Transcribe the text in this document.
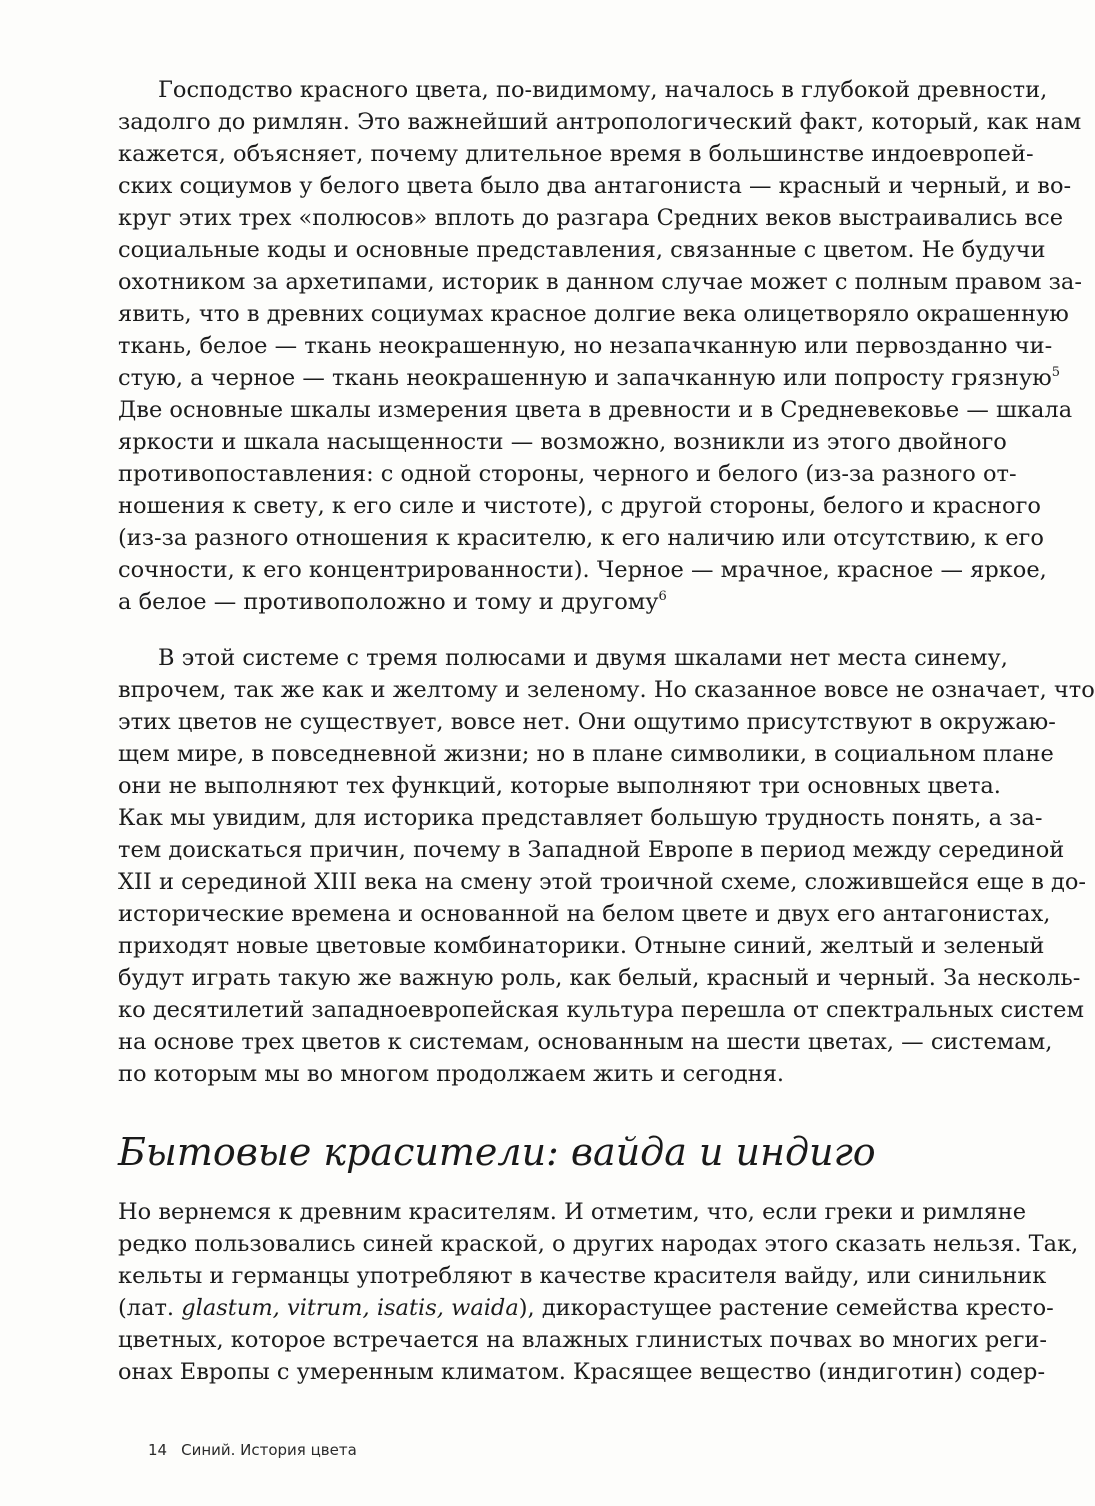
Господство красного цвета, по-видимому, началось в глубокой древности,
задолго до римлян. Это важнейший антропологический факт, который, как нам
кажется, объясняет, почему длительное время в большинстве индоевропей-
ских социумов у белого цвета было два антагониста — красный и черный, и во-
круг этих трех «полюсов» вплоть до разгара Средних веков выстраивались все
социальные коды и основные представления, связанные с цветом. Не будучи
охотником за архетипами, историк в данном случае может с полным правом за-
явить, что в древних социумах красное долгие века олицетворяло окрашенную
ткань, белое — ткань неокрашенную, но незапачканную или первозданно чи-
стую, а черное — ткань неокрашенную и запачканную или попросту грязную$^5$
Две основные шкалы измерения цвета в древности и в Средневековье — шкала
яркости и шкала насыщенности — возможно, возникли из этого двойного
противопоставления: с одной стороны, черного и белого (из-за разного от-
ношения к свету, к его силе и чистоте), с другой стороны, белого и красного
(из-за разного отношения к красителю, к его наличию или отсутствию, к его
сочности, к его концентрированности). Черное — мрачное, красное — яркое,
а белое — противоположно и тому и другому$^6$
В этой системе с тремя полюсами и двумя шкалами нет места синему,
впрочем, так же как и желтому и зеленому. Но сказанное вовсе не означает, что
этих цветов не существует, вовсе нет. Они ощутимо присутствуют в окружаю-
щем мире, в повседневной жизни; но в плане символики, в социальном плане
они не выполняют тех функций, которые выполняют три основных цвета.
Как мы увидим, для историка представляет большую трудность понять, а за-
тем доискаться причин, почему в Западной Европе в период между серединой
XII и серединой XIII века на смену этой троичной схеме, сложившейся еще в до-
исторические времена и основанной на белом цвете и двух его антагонистах,
приходят новые цветовые комбинаторики. Отныне синий, желтый и зеленый
будут играть такую же важную роль, как белый, красный и черный. За несколь-
ко десятилетий западноевропейская культура перешла от спектральных систем
на основе трех цветов к системам, основанным на шести цветах, — системам,
по которым мы во многом продолжаем жить и сегодня.
Бытовые красители: вайда и индиго
Но вернемся к древним красителям. И отметим, что, если греки и римляне
редко пользовались синей краской, о других народах этого сказать нельзя. Так,
кельты и германцы употребляют в качестве красителя вайду, или синильник
(лат. glastum, vitrum, isatis, waida), дикорастущее растение семейства кресто-
цветных, которое встречается на влажных глинистых почвах во многих реги-
онах Европы с умеренным климатом. Красящее вещество (индиготин) содер-
14 Синий. История цвета
